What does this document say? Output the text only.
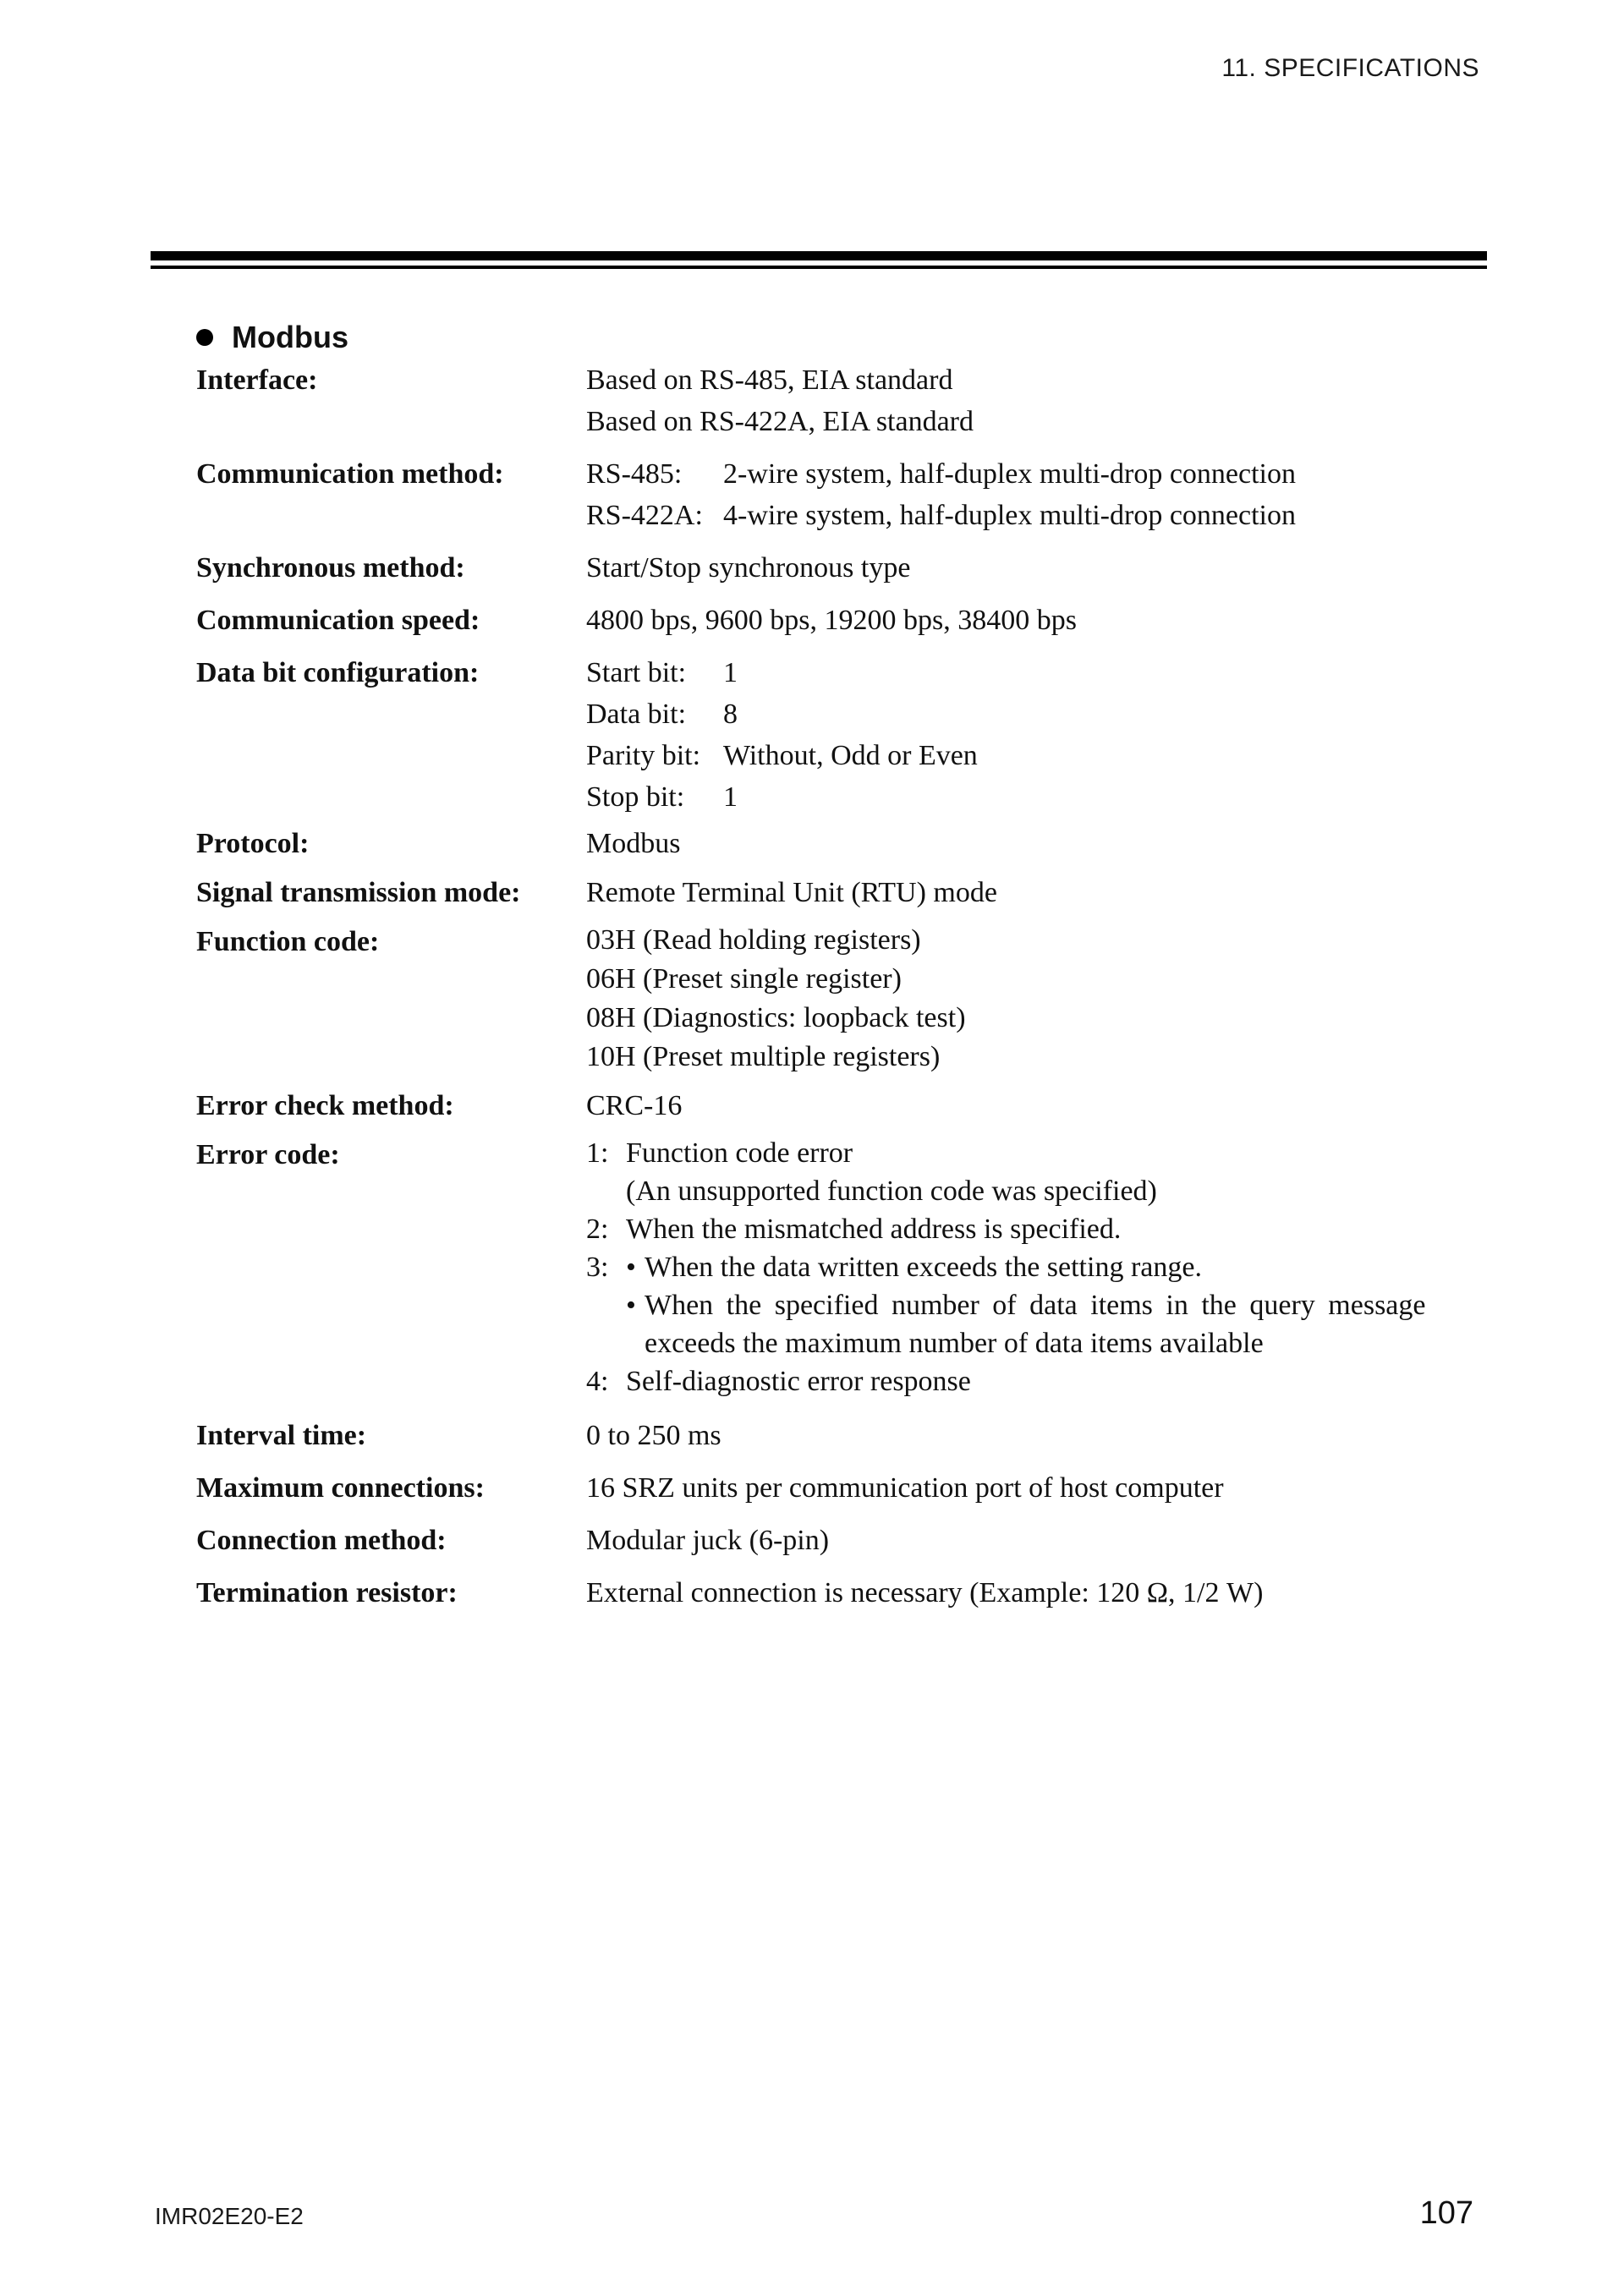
11. SPECIFICATIONS
Modbus
Interface:	Based on RS-485, EIA standard
Based on RS-422A, EIA standard
Communication method:	RS-485: 2-wire system, half-duplex multi-drop connection
RS-422A: 4-wire system, half-duplex multi-drop connection
Synchronous method:	Start/Stop synchronous type
Communication speed:	4800 bps, 9600 bps, 19200 bps, 38400 bps
Data bit configuration:	Start bit: 1
Data bit: 8
Parity bit: Without, Odd or Even
Stop bit: 1
Protocol:	Modbus
Signal transmission mode: Remote Terminal Unit (RTU) mode
Function code:	03H (Read holding registers)
06H (Preset single register)
08H (Diagnostics: loopback test)
10H (Preset multiple registers)
Error check method:	CRC-16
Error code:	1: Function code error
(An unsupported function code was specified)
2: When the mismatched address is specified.
3: • When the data written exceeds the setting range.
• When the specified number of data items in the query message
exceeds the maximum number of data items available
4: Self-diagnostic error response
Interval time:	0 to 250 ms
Maximum connections:	16 SRZ units per communication port of host computer
Connection method:	Modular juck (6-pin)
Termination resistor:	External connection is necessary (Example: 120 Ω, 1/2 W)
IMR02E20-E2	107
